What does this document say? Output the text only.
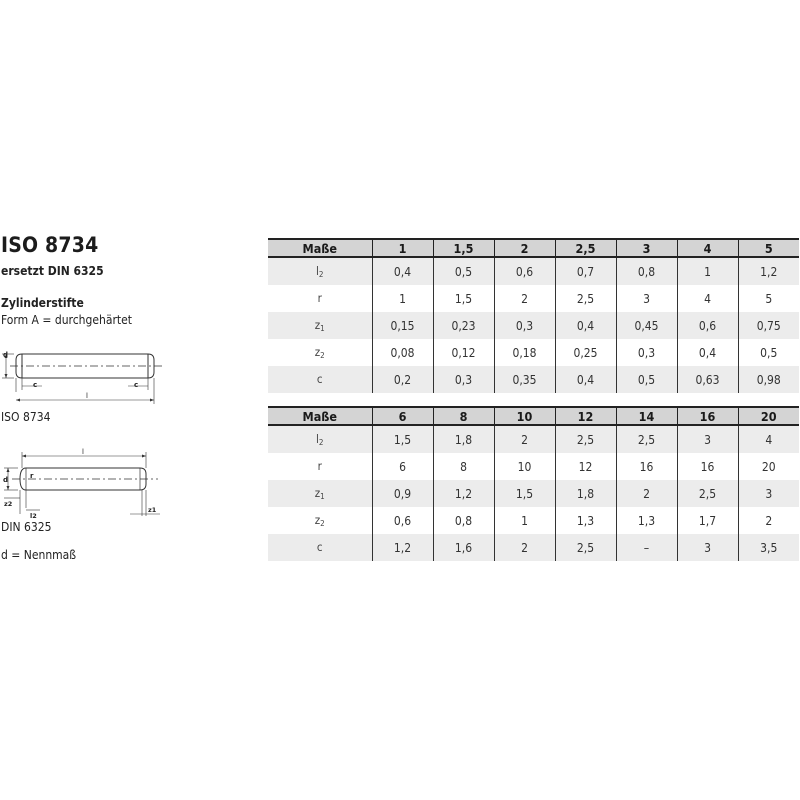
ISO 8734
ersetzt DIN 6325
Zylinderstifte
Form A = durchgehärtet
d
c	c
l
ISO 8734
l
d	r
z2
l2
z1
DIN 6325
d = Nennmaß
Maße	1	1,5	2	2,5	3	4	5
$l_2$	0,4	0,5	0,6	0,7	0,8	1	1,2
r	1	1,5	2	2,5	3	4	5
$z_1$	0,15	0,23	0,3	0,4	0,45	0,6	0,75
$z_2$	0,08	0,12	0,18	0,25	0,3	0,4	0,5
c	0,2	0,3	0,35	0,4	0,5	0,63	0,98
Maße	6	8	10	12	14	16	20
$l_2$	1,5	1,8	2	2,5	2,5	3	4
r	6	8	10	12	16	16	20
$z_1$	0,9	1,2	1,5	1,8	2	2,5	3
$z_2$	0,6	0,8	1	1,3	1,3	1,7	2
c	1,2	1,6	2	2,5	–	3	3,5
